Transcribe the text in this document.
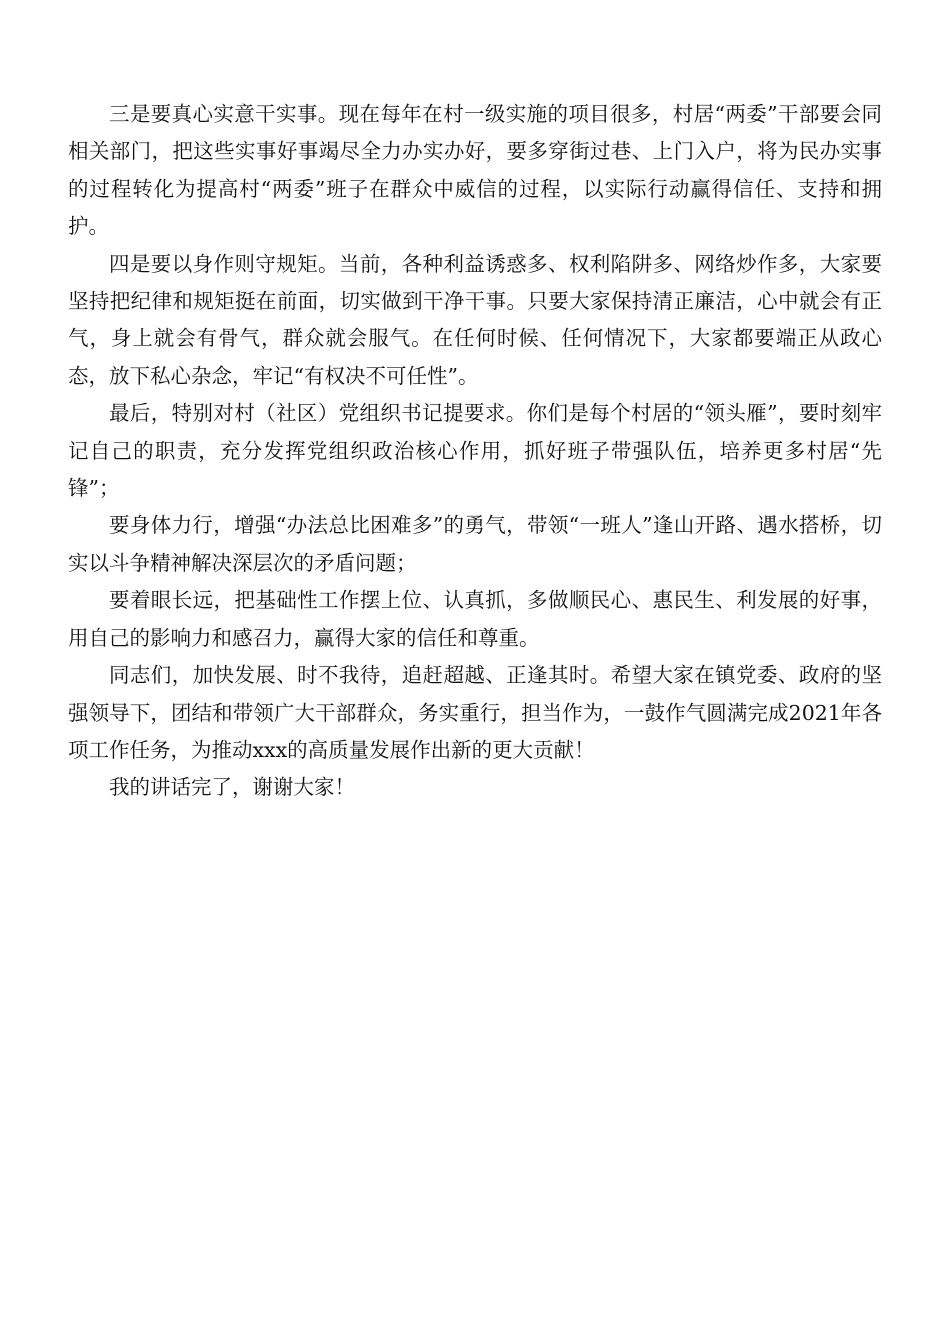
三是要真心实意干实事。现在每年在村一级实施的项目很多，村居“两委”干部要会同相关部门，把这些实事好事竭尽全力办实办好，要多穿街过巷、上门入户，将为民办实事的过程转化为提高村“两委”班子在群众中威信的过程，以实际行动赢得信任、支持和拥护。

四是要以身作则守规矩。当前，各种利益诱惑多、权利陷阱多、网络炒作多，大家要坚持把纪律和规矩挺在前面，切实做到干净干事。只要大家保持清正廉洁，心中就会有正气，身上就会有骨气，群众就会服气。在任何时候、任何情况下，大家都要端正从政心态，放下私心杂念，牢记“有权决不可任性”。

最后，特别对村（社区）党组织书记提要求。你们是每个村居的“领头雁”，要时刻牢记自己的职责，充分发挥党组织政治核心作用，抓好班子带强队伍，培养更多村居“先锋”；

要身体力行，增强“办法总比困难多”的勇气，带领“一班人”逢山开路、遇水搭桥，切实以斗争精神解决深层次的矛盾问题；

要着眼长远，把基础性工作摆上位、认真抓，多做顺民心、惠民生、利发展的好事，用自己的影响力和感召力，赢得大家的信任和尊重。

同志们，加快发展、时不我待，追赶超越、正逢其时。希望大家在镇党委、政府的坚强领导下，团结和带领广大干部群众，务实重行，担当作为，一鼓作气圆满完成2021年各项工作任务，为推动xxx的高质量发展作出新的更大贡献！

我的讲话完了，谢谢大家！
